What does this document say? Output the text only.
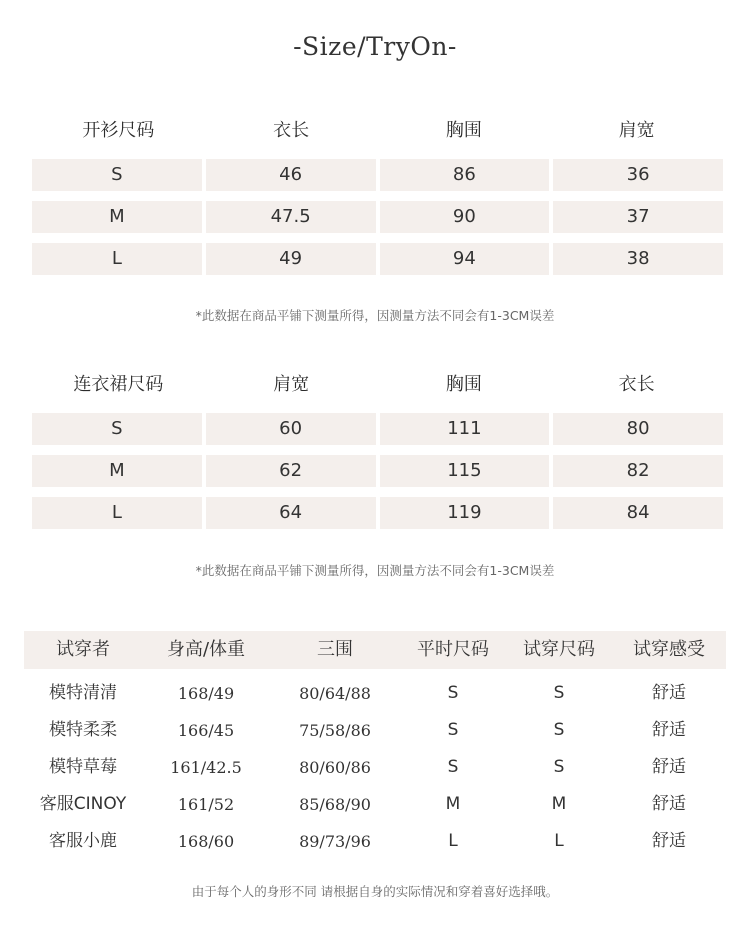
-Size/TryOn-
开衫尺码	衣长	胸围	肩宽
S	46	86	36
M	47.5	90	37
L	49	94	38
*此数据在商品平铺下测量所得，因测量方法不同会有1-3CM误差
连衣裙尺码	肩宽	胸围	衣长
S	60	111	80
M	62	115	82
L	64	119	84
*此数据在商品平铺下测量所得，因测量方法不同会有1-3CM误差
试穿者	身高/体重	三围	平时尺码	试穿尺码	试穿感受
模特清清	168/49	80/64/88	S	S	舒适
模特柔柔	166/45	75/58/86	S	S	舒适
模特草莓	161/42.5	80/60/86	S	S	舒适
客服CINOY	161/52	85/68/90	M	M	舒适
客服小鹿	168/60	89/73/96	L	L	舒适
由于每个人的身形不同 请根据自身的实际情况和穿着喜好选择哦。
